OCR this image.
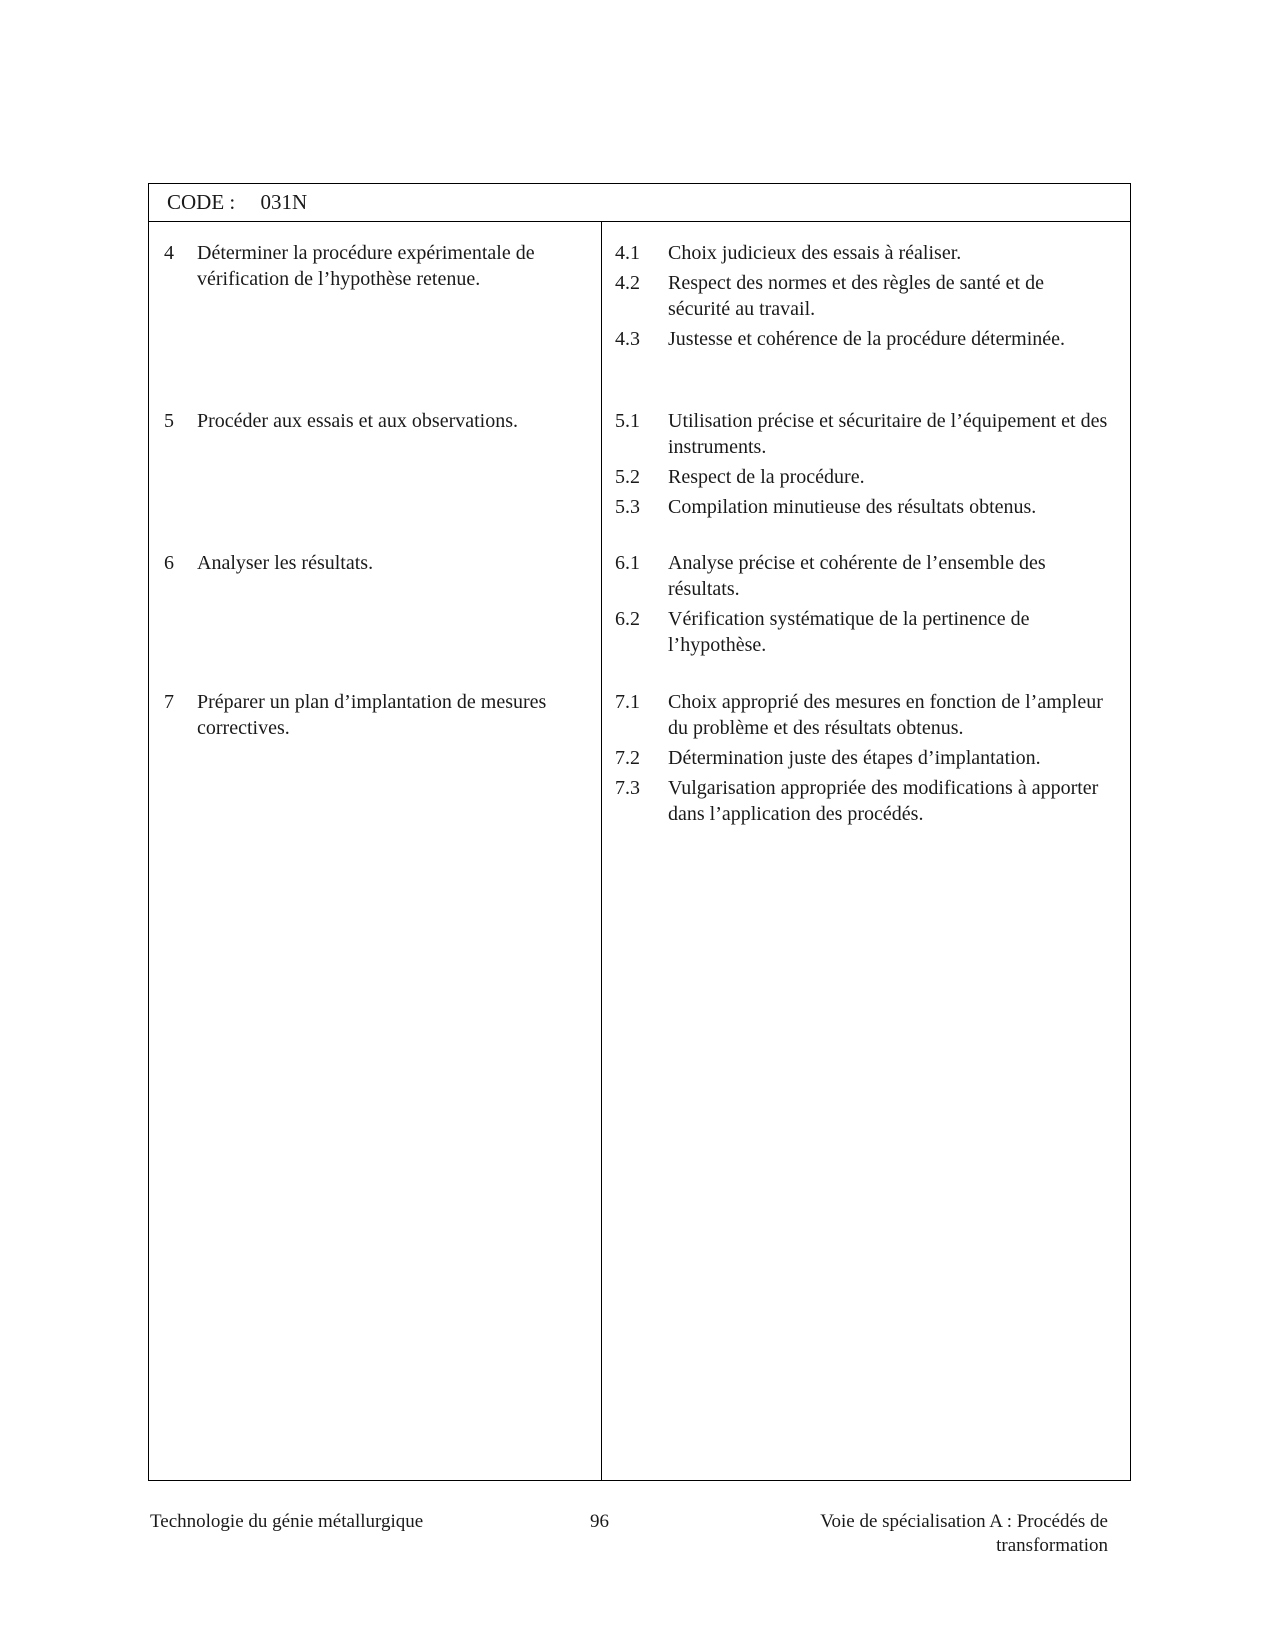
CODE : 031N
4 Déterminer la procédure expérimentale de vérification de l’hypothèse retenue.
5 Procéder aux essais et aux observations.
6 Analyser les résultats.
7 Préparer un plan d’implantation de mesures correctives.
4.1 Choix judicieux des essais à réaliser.
4.2 Respect des normes et des règles de santé et de sécurité au travail.
4.3 Justesse et cohérence de la procédure déterminée.
5.1 Utilisation précise et sécuritaire de l’équipement et des instruments.
5.2 Respect de la procédure.
5.3 Compilation minutieuse des résultats obtenus.
6.1 Analyse précise et cohérente de l’ensemble des résultats.
6.2 Vérification systématique de la pertinence de l’hypothèse.
7.1 Choix approprié des mesures en fonction de l’ampleur du problème et des résultats obtenus.
7.2 Détermination juste des étapes d’implantation.
7.3 Vulgarisation appropriée des modifications à apporter dans l’application des procédés.
Technologie du génie métallurgique	96	Voie de spécialisation A : Procédés de transformation
